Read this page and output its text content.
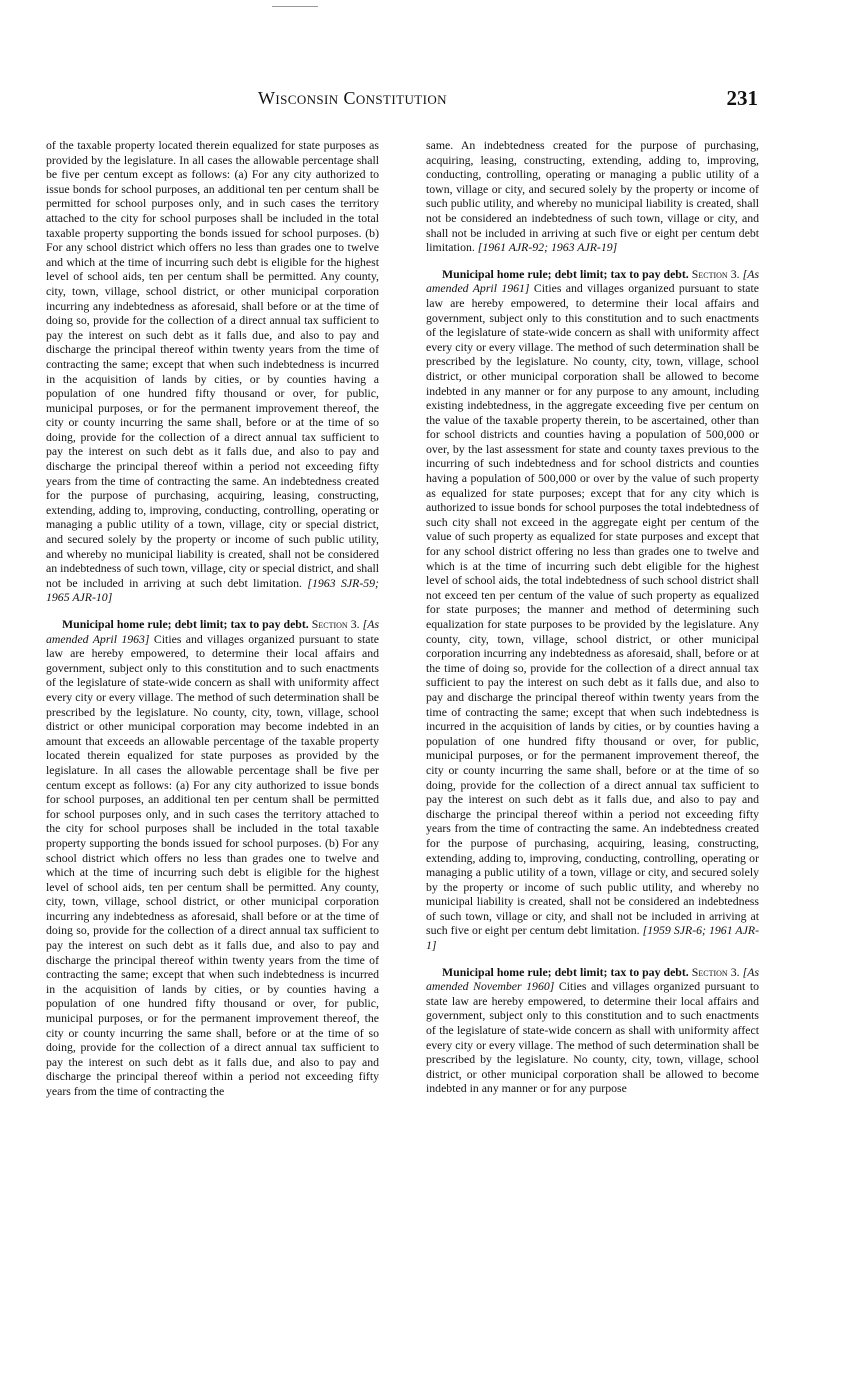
Wisconsin Constitution	231

of the taxable property located therein equalized for state purposes as provided by the legislature. In all cases the allowable percentage shall be five per centum except as follows: (a) For any city authorized to issue bonds for school purposes, an additional ten per centum shall be permitted for school purposes only, and in such cases the territory attached to the city for school purposes shall be included in the total taxable property supporting the bonds issued for school purposes. (b) For any school district which offers no less than grades one to twelve and which at the time of incurring such debt is eligible for the highest level of school aids, ten per centum shall be permitted. Any county, city, town, village, school district, or other municipal corporation incurring any indebtedness as aforesaid, shall before or at the time of doing so, provide for the collection of a direct annual tax sufficient to pay the interest on such debt as it falls due, and also to pay and discharge the principal thereof within twenty years from the time of contracting the same; except that when such indebtedness is incurred in the acquisition of lands by cities, or by counties having a population of one hundred fifty thousand or over, for public, municipal purposes, or for the permanent improvement thereof, the city or county incurring the same shall, before or at the time of so doing, provide for the collection of a direct annual tax sufficient to pay the interest on such debt as it falls due, and also to pay and discharge the principal thereof within a period not exceeding fifty years from the time of contracting the same. An indebtedness created for the purpose of purchasing, acquiring, leasing, constructing, extending, adding to, improving, conducting, controlling, operating or managing a public utility of a town, village, city or special district, and secured solely by the property or income of such public utility, and whereby no municipal liability is created, shall not be considered an indebtedness of such town, village, city or special district, and shall not be included in arriving at such debt limitation. [1963 SJR-59; 1965 AJR-10]

Municipal home rule; debt limit; tax to pay debt. Section 3. [As amended April 1963] Cities and villages organized pursuant to state law are hereby empowered, to determine their local affairs and government, subject only to this constitution and to such enactments of the legislature of state-wide concern as shall with uniformity affect every city or every village. The method of such determination shall be prescribed by the legislature. No county, city, town, village, school district or other municipal corporation may become indebted in an amount that exceeds an allowable percentage of the taxable property located therein equalized for state purposes as provided by the legislature. In all cases the allowable percentage shall be five per centum except as follows: (a) For any city authorized to issue bonds for school purposes, an additional ten per centum shall be permitted for school purposes only, and in such cases the territory attached to the city for school purposes shall be included in the total taxable property supporting the bonds issued for school purposes. (b) For any school district which offers no less than grades one to twelve and which at the time of incurring such debt is eligible for the highest level of school aids, ten per centum shall be permitted. Any county, city, town, village, school district, or other municipal corporation incurring any indebtedness as aforesaid, shall before or at the time of doing so, provide for the collection of a direct annual tax sufficient to pay the interest on such debt as it falls due, and also to pay and discharge the principal thereof within twenty years from the time of contracting the same; except that when such indebtedness is incurred in the acquisition of lands by cities, or by counties having a population of one hundred fifty thousand or over, for public, municipal purposes, or for the permanent improvement thereof, the city or county incurring the same shall, before or at the time of so doing, provide for the collection of a direct annual tax sufficient to pay the interest on such debt as it falls due, and also to pay and discharge the principal thereof within a period not exceeding fifty years from the time of contracting the

same. An indebtedness created for the purpose of purchasing, acquiring, leasing, constructing, extending, adding to, improving, conducting, controlling, operating or managing a public utility of a town, village or city, and secured solely by the property or income of such public utility, and whereby no municipal liability is created, shall not be considered an indebtedness of such town, village or city, and shall not be included in arriving at such five or eight per centum debt limitation. [1961 AJR-92; 1963 AJR-19]

Municipal home rule; debt limit; tax to pay debt. Section 3. [As amended April 1961] Cities and villages organized pursuant to state law are hereby empowered, to determine their local affairs and government, subject only to this constitution and to such enactments of the legislature of state-wide concern as shall with uniformity affect every city or every village. The method of such determination shall be prescribed by the legislature. No county, city, town, village, school district, or other municipal corporation shall be allowed to become indebted in any manner or for any purpose to any amount, including existing indebtedness, in the aggregate exceeding five per centum on the value of the taxable property therein, to be ascertained, other than for school districts and counties having a population of 500,000 or over, by the last assessment for state and county taxes previous to the incurring of such indebtedness and for school districts and counties having a population of 500,000 or over by the value of such property as equalized for state purposes; except that for any city which is authorized to issue bonds for school purposes the total indebtedness of such city shall not exceed in the aggregate eight per centum of the value of such property as equalized for state purposes and except that for any school district offering no less than grades one to twelve and which is at the time of incurring such debt eligible for the highest level of school aids, the total indebtedness of such school district shall not exceed ten per centum of the value of such property as equalized for state purposes; the manner and method of determining such equalization for state purposes to be provided by the legislature. Any county, city, town, village, school district, or other municipal corporation incurring any indebtedness as aforesaid, shall, before or at the time of doing so, provide for the collection of a direct annual tax sufficient to pay the interest on such debt as it falls due, and also to pay and discharge the principal thereof within twenty years from the time of contracting the same; except that when such indebtedness is incurred in the acquisition of lands by cities, or by counties having a population of one hundred fifty thousand or over, for public, municipal purposes, or for the permanent improvement thereof, the city or county incurring the same shall, before or at the time of so doing, provide for the collection of a direct annual tax sufficient to pay the interest on such debt as it falls due, and also to pay and discharge the principal thereof within a period not exceeding fifty years from the time of contracting the same. An indebtedness created for the purpose of purchasing, acquiring, leasing, constructing, extending, adding to, improving, conducting, controlling, operating or managing a public utility of a town, village or city, and secured solely by the property or income of such public utility, and whereby no municipal liability is created, shall not be considered an indebtedness of such town, village or city, and shall not be included in arriving at such five or eight per centum debt limitation. [1959 SJR-6; 1961 AJR-1]

Municipal home rule; debt limit; tax to pay debt. Section 3. [As amended November 1960] Cities and villages organized pursuant to state law are hereby empowered, to determine their local affairs and government, subject only to this constitution and to such enactments of the legislature of state-wide concern as shall with uniformity affect every city or every village. The method of such determination shall be prescribed by the legislature. No county, city, town, village, school district, or other municipal corporation shall be allowed to become indebted in any manner or for any purpose
